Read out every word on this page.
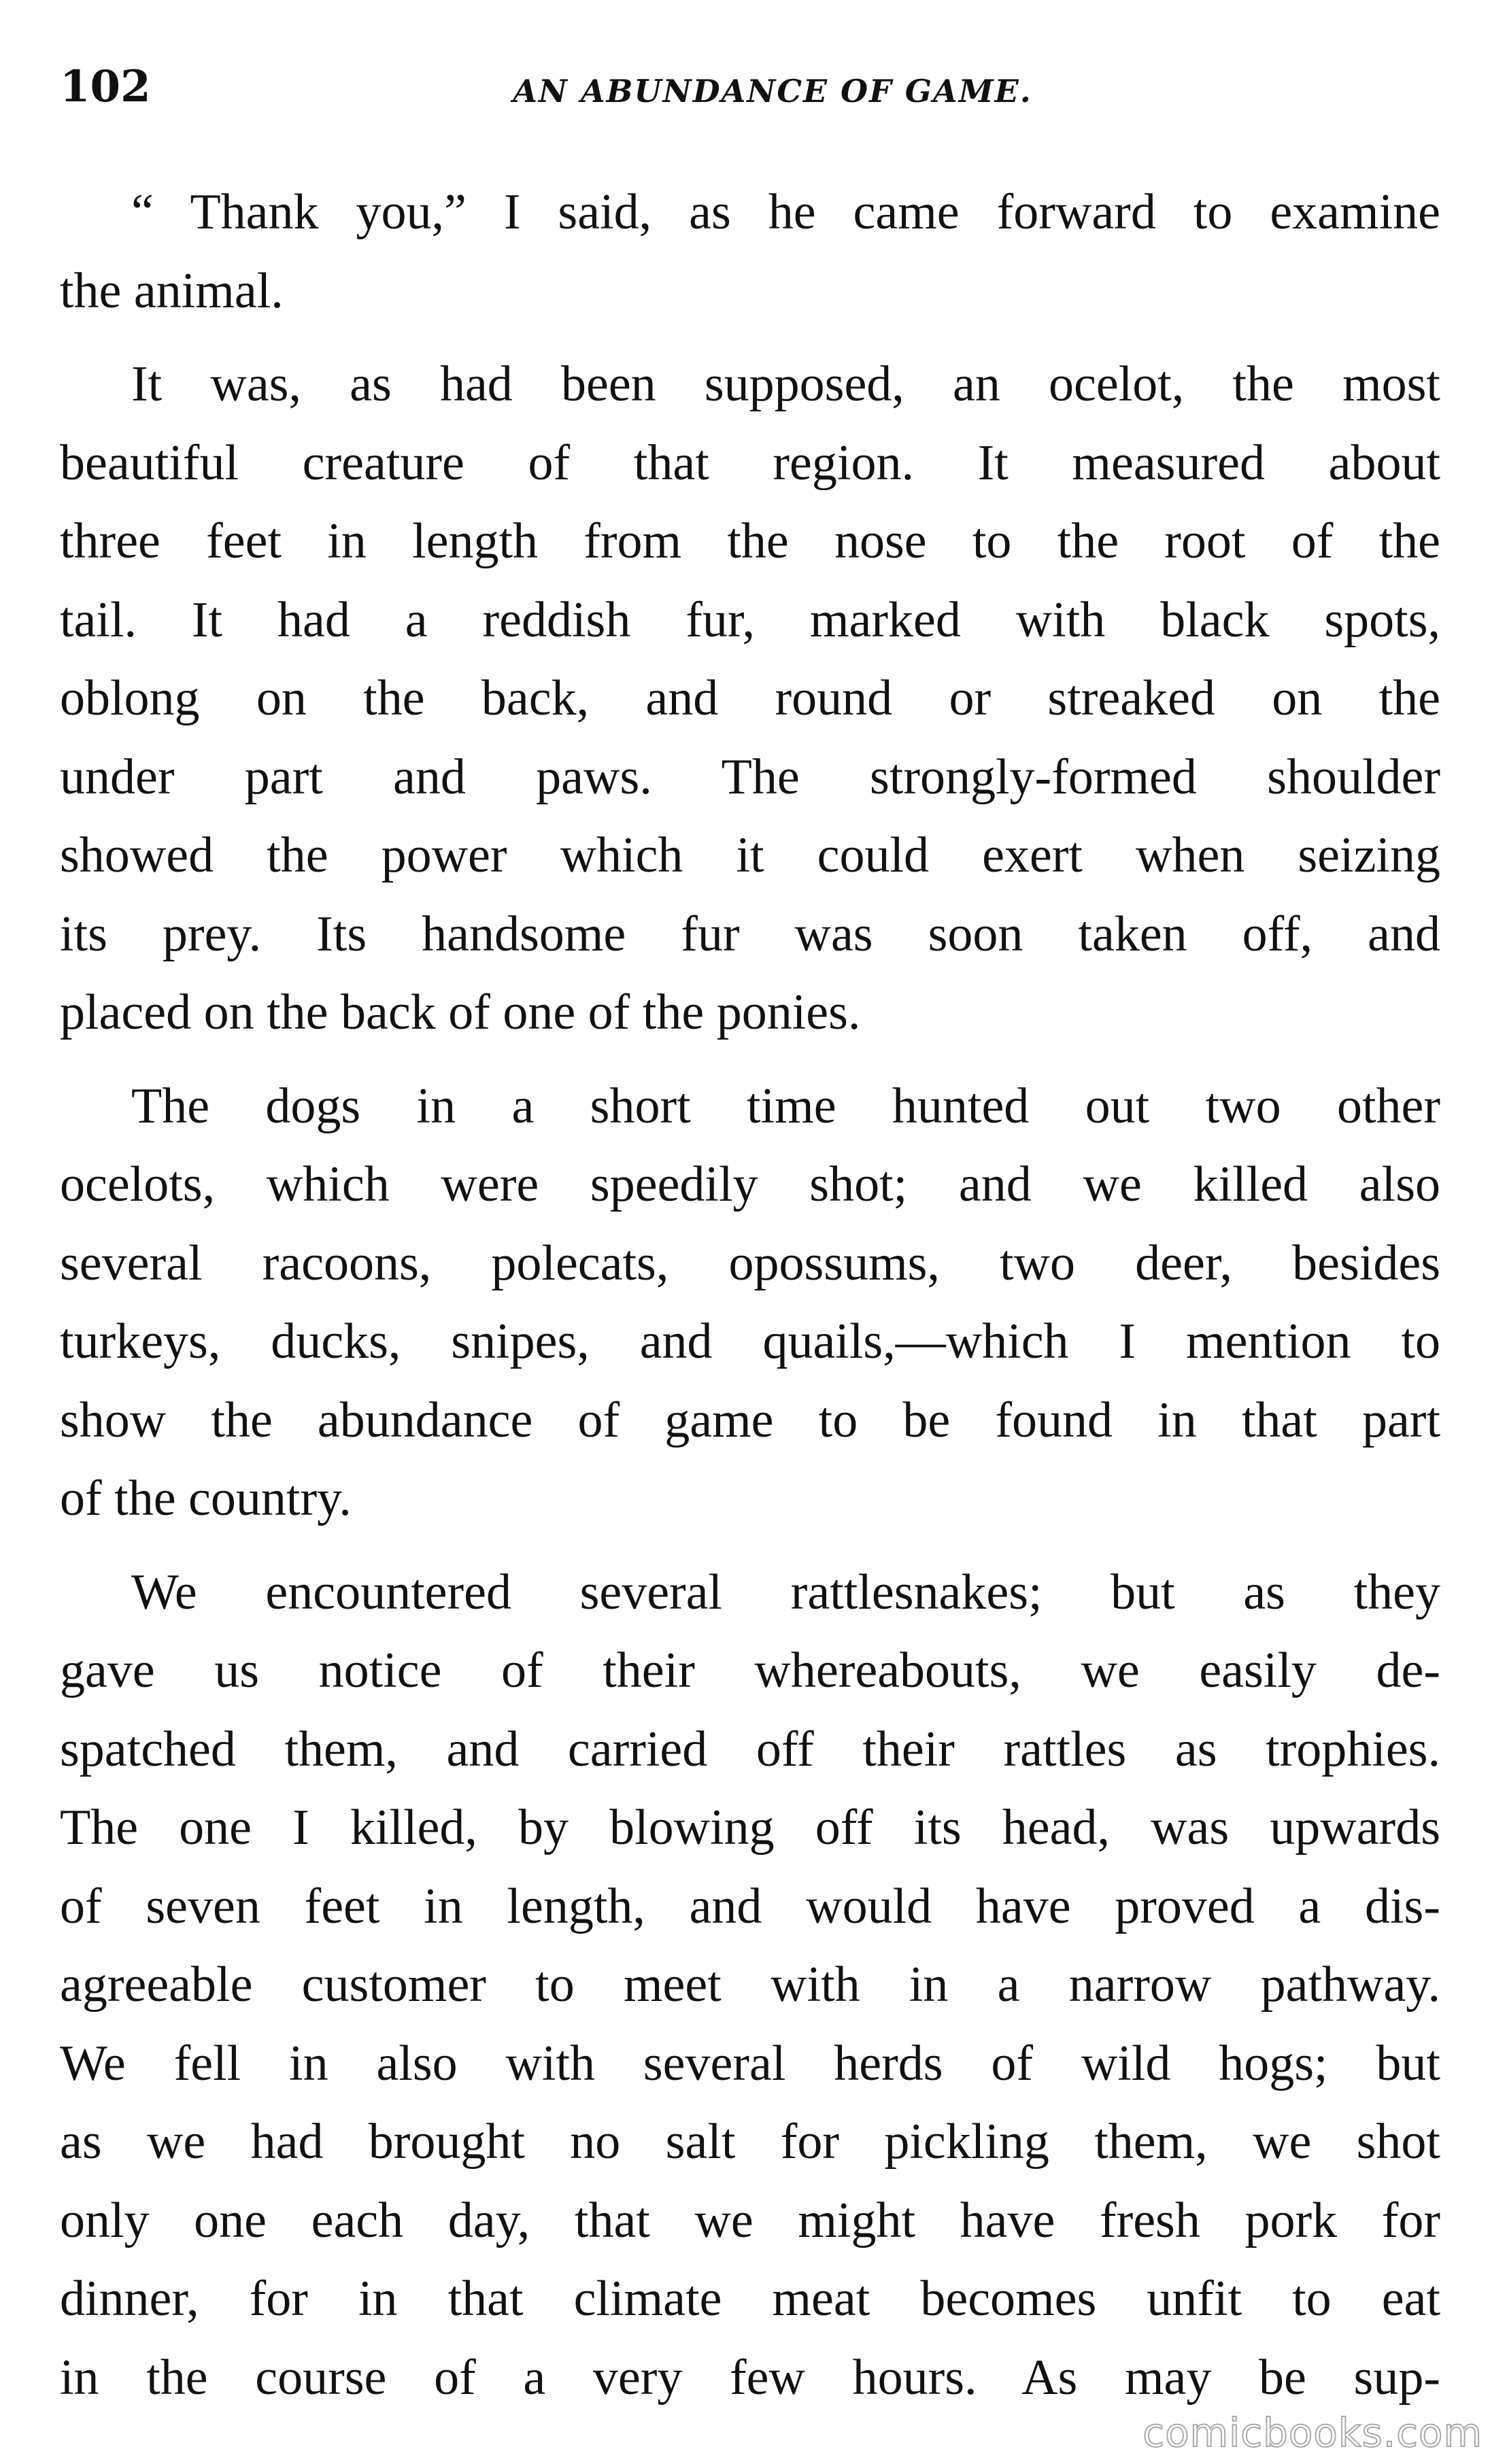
102	AN ABUNDANCE OF GAME.
“ Thank you,” I said, as he came forward to examine
the animal.
It was, as had been supposed, an ocelot, the most
beautiful creature of that region. It measured about
three feet in length from the nose to the root of the
tail. It had a reddish fur, marked with black spots,
oblong on the back, and round or streaked on the
under part and paws. The strongly-formed shoulder
showed the power which it could exert when seizing
its prey. Its handsome fur was soon taken off, and
placed on the back of one of the ponies.
The dogs in a short time hunted out two other
ocelots, which were speedily shot; and we killed also
several racoons, polecats, opossums, two deer, besides
turkeys, ducks, snipes, and quails,—which I mention to
show the abundance of game to be found in that part
of the country.
We encountered several rattlesnakes; but as they
gave us notice of their whereabouts, we easily de-
spatched them, and carried off their rattles as trophies.
The one I killed, by blowing off its head, was upwards
of seven feet in length, and would have proved a dis-
agreeable customer to meet with in a narrow pathway.
We fell in also with several herds of wild hogs; but
as we had brought no salt for pickling them, we shot
only one each day, that we might have fresh pork for
dinner, for in that climate meat becomes unfit to eat
in the course of a very few hours. As may be sup-
comicbooks.com
